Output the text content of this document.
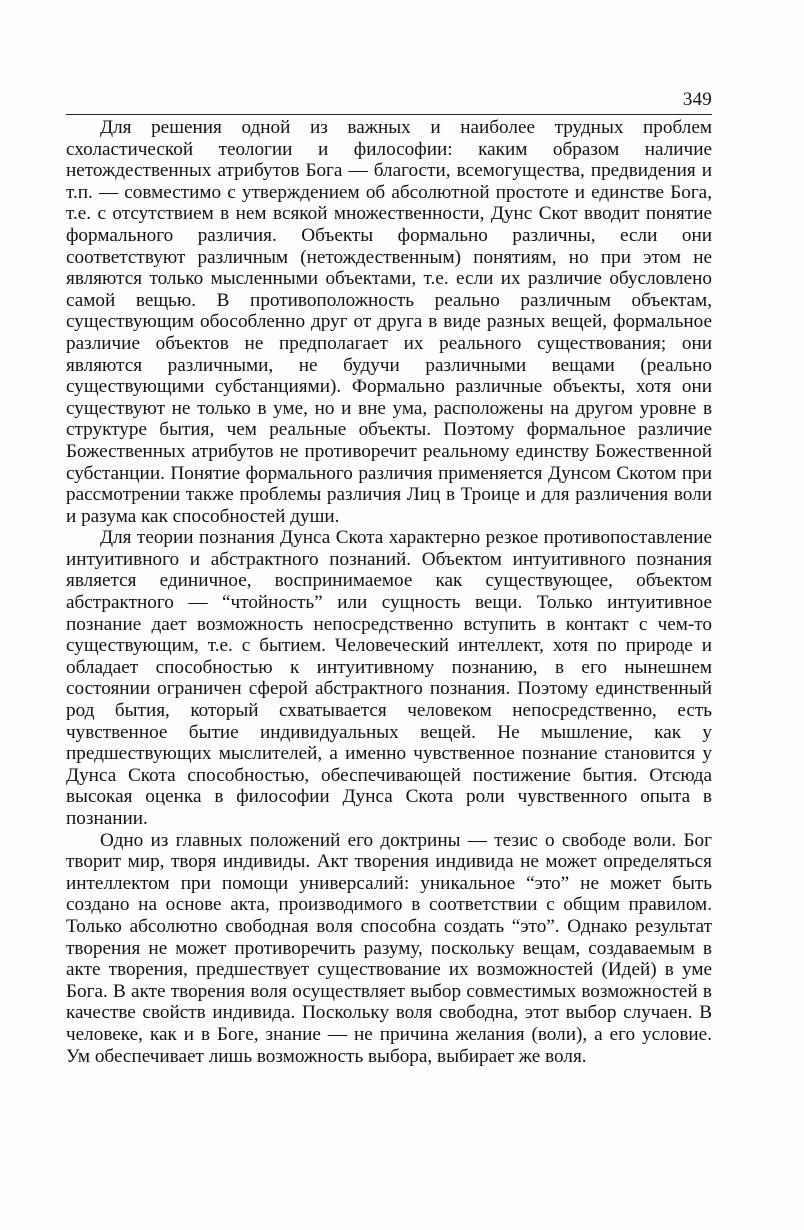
349

Для решения одной из важных и наиболее трудных проблем схоластической теологии и философии: каким образом наличие нетождественных атрибутов Бога — благости, всемогущества, предвидения и т.п. — совместимо с утверждением об абсолютной простоте и единстве Бога, т.е. с отсутствием в нем всякой множественности, Дунс Скот вводит понятие формального различия. Объекты формально различны, если они соответствуют различным (нетождественным) понятиям, но при этом не являются только мысленными объектами, т.е. если их различие обусловлено самой вещью. В противоположность реально различным объектам, существующим обособленно друг от друга в виде разных вещей, формальное различие объектов не предполагает их реального существования; они являются различными, не будучи различными вещами (реально существующими субстанциями). Формально различные объекты, хотя они существуют не только в уме, но и вне ума, расположены на другом уровне в структуре бытия, чем реальные объекты. Поэтому формальное различие Божественных атрибутов не противоречит реальному единству Божественной субстанции. Понятие формального различия применяется Дунсом Скотом при рассмотрении также проблемы различия Лиц в Троице и для различения воли и разума как способностей души.

Для теории познания Дунса Скота характерно резкое противопоставление интуитивного и абстрактного познаний. Объектом интуитивного познания является единичное, воспринимаемое как существующее, объектом абстрактного — “чтойность” или сущность вещи. Только интуитивное познание дает возможность непосредственно вступить в контакт с чем-то существующим, т.е. с бытием. Человеческий интеллект, хотя по природе и обладает способностью к интуитивному познанию, в его нынешнем состоянии ограничен сферой абстрактного познания. Поэтому единственный род бытия, который схватывается человеком непосредственно, есть чувственное бытие индивидуальных вещей. Не мышление, как у предшествующих мыслителей, а именно чувственное познание становится у Дунса Скота способностью, обеспечивающей постижение бытия. Отсюда высокая оценка в философии Дунса Скота роли чувственного опыта в познании.

Одно из главных положений его доктрины — тезис о свободе воли. Бог творит мир, творя индивиды. Акт творения индивида не может определяться интеллектом при помощи универсалий: уникальное “это” не может быть создано на основе акта, производимого в соответствии с общим правилом. Только абсолютно свободная воля способна создать “это”. Однако результат творения не может противоречить разуму, поскольку вещам, создаваемым в акте творения, предшествует существование их возможностей (Идей) в уме Бога. В акте творения воля осуществляет выбор совместимых возможностей в качестве свойств индивида. Поскольку воля свободна, этот выбор случаен. В человеке, как и в Боге, знание — не причина желания (воли), а его условие. Ум обеспечивает лишь возможность выбора, выбирает же воля.
